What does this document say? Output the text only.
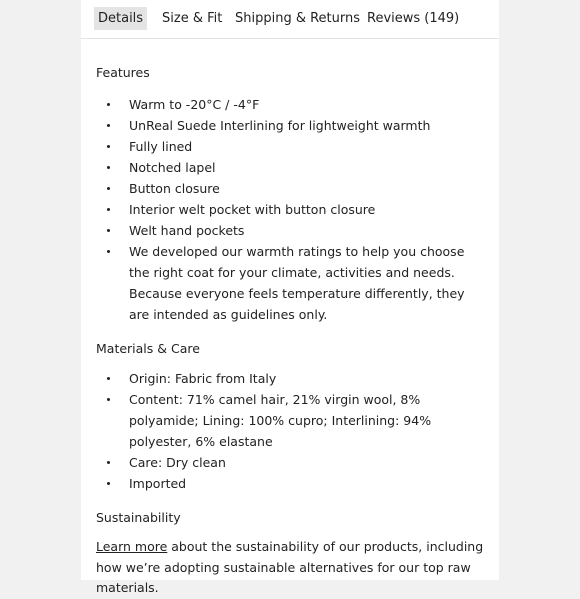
Details	Size & Fit Shipping & Returns Reviews (149)
Features
Warm to -20°C / -4°F
UnReal Suede Interlining for lightweight warmth
Fully lined
Notched lapel
Button closure
Interior welt pocket with button closure
Welt hand pockets
We developed our warmth ratings to help you choose the right coat for your climate, activities and needs. Because everyone feels temperature differently, they are intended as guidelines only.
Materials & Care
Origin: Fabric from Italy
Content: 71% camel hair, 21% virgin wool, 8% polyamide; Lining: 100% cupro; Interlining: 94% polyester, 6% elastane
Care: Dry clean
Imported
Sustainability

Learn more about the sustainability of our products, including how we’re adopting sustainable alternatives for our top raw materials.
